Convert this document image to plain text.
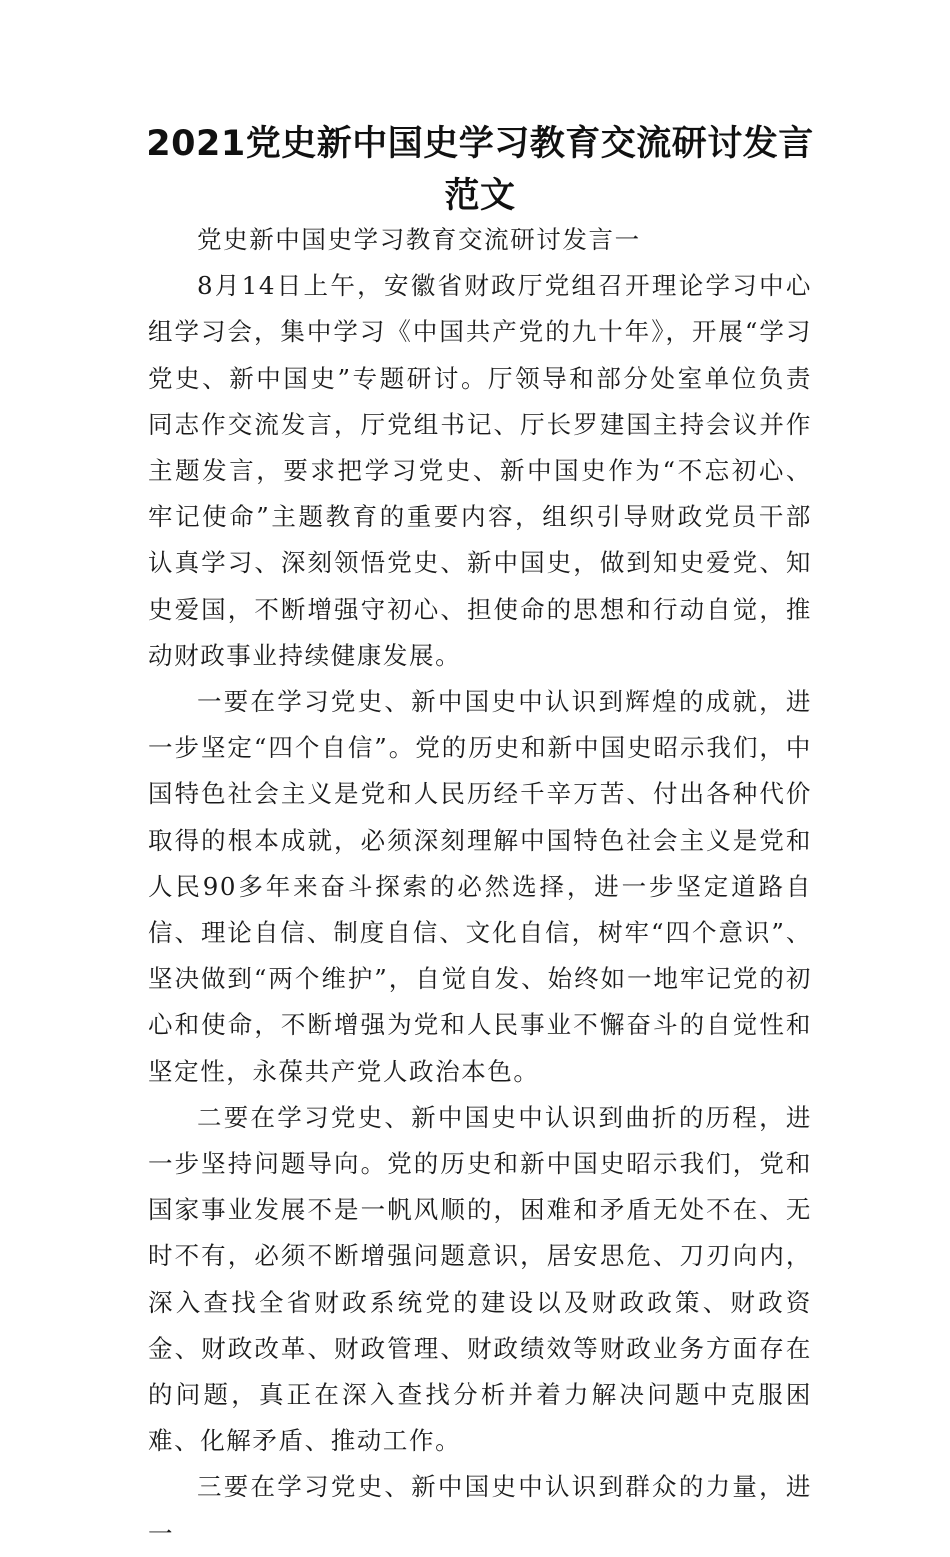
2021党史新中国史学习教育交流研讨发言范文

党史新中国史学习教育交流研讨发言一

8月14日上午，安徽省财政厅党组召开理论学习中心组学习会，集中学习《中国共产党的九十年》，开展“学习党史、新中国史”专题研讨。厅领导和部分处室单位负责同志作交流发言，厅党组书记、厅长罗建国主持会议并作主题发言，要求把学习党史、新中国史作为“不忘初心、牢记使命”主题教育的重要内容，组织引导财政党员干部认真学习、深刻领悟党史、新中国史，做到知史爱党、知史爱国，不断增强守初心、担使命的思想和行动自觉，推动财政事业持续健康发展。

一要在学习党史、新中国史中认识到辉煌的成就，进一步坚定“四个自信”。党的历史和新中国史昭示我们，中国特色社会主义是党和人民历经千辛万苦、付出各种代价取得的根本成就，必须深刻理解中国特色社会主义是党和人民90多年来奋斗探索的必然选择，进一步坚定道路自信、理论自信、制度自信、文化自信，树牢“四个意识”、坚决做到“两个维护”，自觉自发、始终如一地牢记党的初心和使命，不断增强为党和人民事业不懈奋斗的自觉性和坚定性，永葆共产党人政治本色。

二要在学习党史、新中国史中认识到曲折的历程，进一步坚持问题导向。党的历史和新中国史昭示我们，党和国家事业发展不是一帆风顺的，困难和矛盾无处不在、无时不有，必须不断增强问题意识，居安思危、刀刃向内，深入查找全省财政系统党的建设以及财政政策、财政资金、财政改革、财政管理、财政绩效等财政业务方面存在的问题，真正在深入查找分析并着力解决问题中克服困难、化解矛盾、推动工作。

三要在学习党史、新中国史中认识到群众的力量，进一
